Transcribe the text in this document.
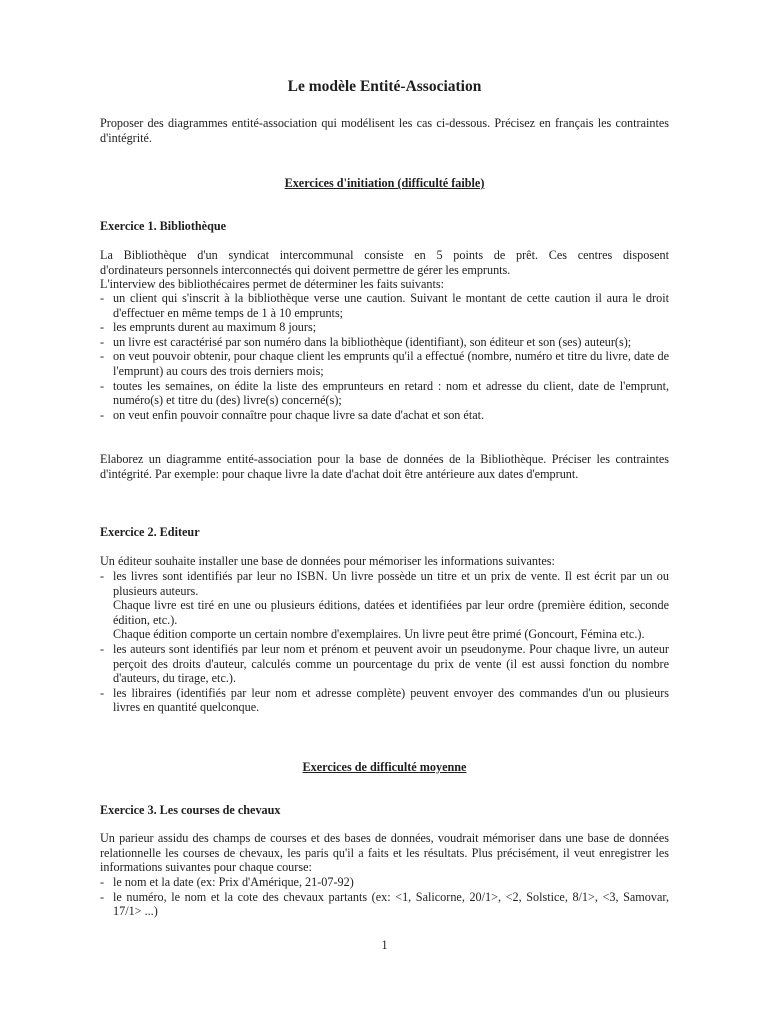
Le modèle Entité-Association

Proposer des diagrammes entité-association qui modélisent les cas ci-dessous. Précisez en français les contraintes d'intégrité.

Exercices d'initiation (difficulté faible)
Exercice 1. Bibliothèque

La Bibliothèque d'un syndicat intercommunal consiste en 5 points de prêt. Ces centres disposent
d'ordinateurs personnels interconnectés qui doivent permettre de gérer les emprunts.
L'interview des bibliothécaires permet de déterminer les faits suivants:

- un client qui s'inscrit à la bibliothèque verse une caution. Suivant le montant de cette caution il aura le droit d'effectuer en même temps de 1 à 10 emprunts;
- les emprunts durent au maximum 8 jours;
- un livre est caractérisé par son numéro dans la bibliothèque (identifiant), son éditeur et son (ses) auteur(s);
- on veut pouvoir obtenir, pour chaque client les emprunts qu'il a effectué (nombre, numéro et titre du livre, date de l'emprunt) au cours des trois derniers mois;
- toutes les semaines, on édite la liste des emprunteurs en retard : nom et adresse du client, date de l'emprunt, numéro(s) et titre du (des) livre(s) concerné(s);
- on veut enfin pouvoir connaître pour chaque livre sa date d'achat et son état.

Elaborez un diagramme entité-association pour la base de données de la Bibliothèque. Préciser les contraintes d'intégrité. Par exemple: pour chaque livre la date d'achat doit être antérieure aux dates d'emprunt.

Exercice 2. Editeur

Un éditeur souhaite installer une base de données pour mémoriser les informations suivantes:

- les livres sont identifiés par leur no ISBN. Un livre possède un titre et un prix de vente. Il est écrit par un ou plusieurs auteurs.
Chaque livre est tiré en une ou plusieurs éditions, datées et identifiées par leur ordre (première édition, seconde édition, etc.).
Chaque édition comporte un certain nombre d'exemplaires. Un livre peut être primé (Goncourt, Fémina etc.).
- les auteurs sont identifiés par leur nom et prénom et peuvent avoir un pseudonyme. Pour chaque livre, un auteur perçoit des droits d'auteur, calculés comme un pourcentage du prix de vente (il est aussi fonction du nombre d'auteurs, du tirage, etc.).
- les libraires (identifiés par leur nom et adresse complète) peuvent envoyer des commandes d'un ou plusieurs livres en quantité quelconque.
Exercices de difficulté moyenne
Exercice 3. Les courses de chevaux

Un parieur assidu des champs de courses et des bases de données, voudrait mémoriser dans une base de données relationnelle les courses de chevaux, les paris qu'il a faits et les résultats. Plus précisément, il veut enregistrer les informations suivantes pour chaque course:

- le nom et la date (ex: Prix d'Amérique, 21-07-92)
- le numéro, le nom et la cote des chevaux partants (ex: <1, Salicorne, 20/1>, <2, Solstice, 8/1>, <3, Samovar, 17/1> ...)
1
